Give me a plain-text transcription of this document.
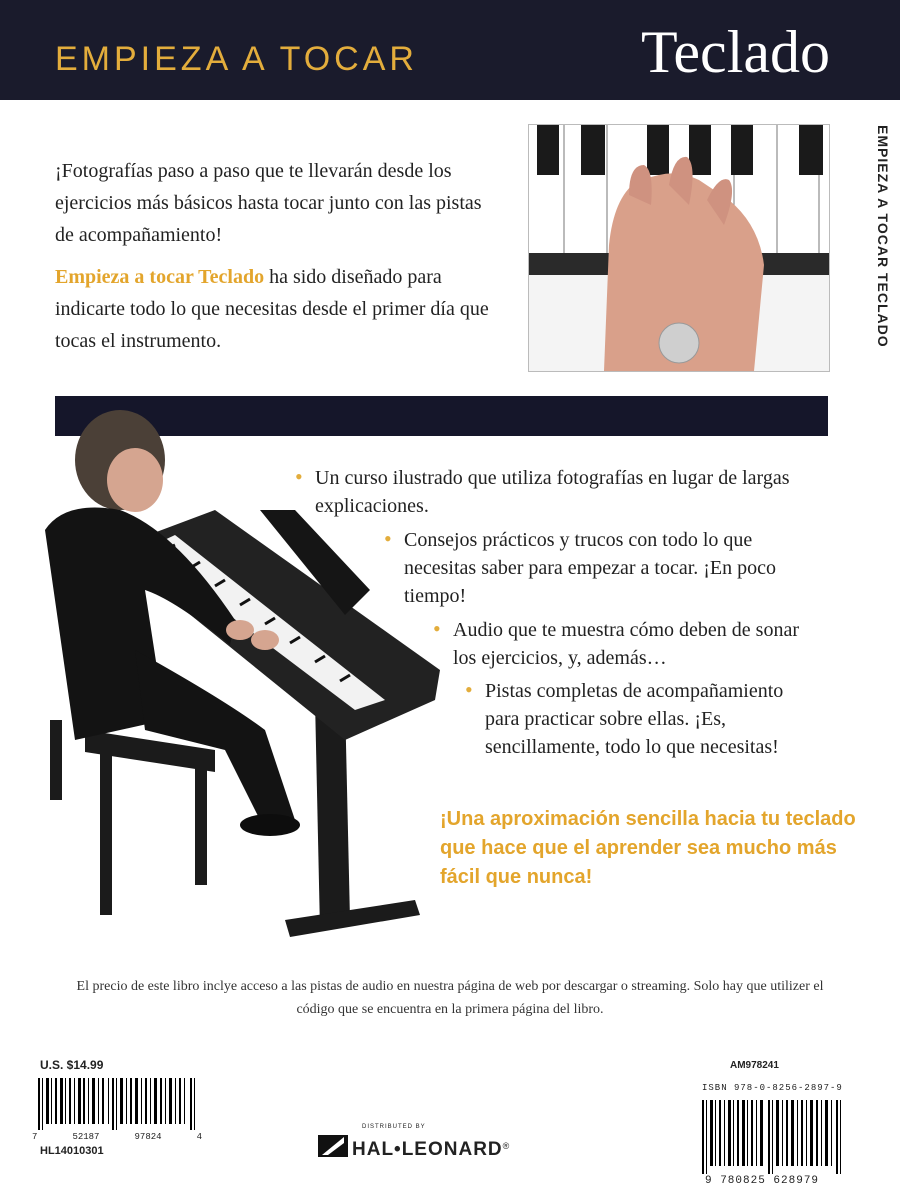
EMPIEZA A TOCAR	Teclado
EMPIEZA A TOCAR TECLADO

¡Fotografías paso a paso que te llevarán desde los ejercicios más básicos hasta tocar junto con las pistas de acompañamiento!

Empieza a tocar Teclado ha sido diseñado para indicarte todo lo que necesitas desde el primer día que tocas el instrumento.

• Un curso ilustrado que utiliza fotografías en lugar de largas explicaciones.
• Consejos prácticos y trucos con todo lo que necesitas saber para empezar a tocar. ¡En poco tiempo!
• Audio que te muestra cómo deben de sonar los ejercicios, y, además…
• Pistas completas de acompañamiento para practicar sobre ellas. ¡Es, sencillamente, todo lo que necesitas!
¡Una aproximación sencilla hacia tu teclado que hace que el aprender sea mucho más fácil que nunca!
El precio de este libro inclye acceso a las pistas de audio en nuestra página de web por descargar o streaming. Solo hay que utilizer el código que se encuentra en la primera página del libro.
U.S. $14.99
7	52187	97824	4
HL14010301
DISTRIBUTED BY
HAL•LEONARD ®
AM978241
ISBN 978-0-8256-2897-9
9 780825 628979
